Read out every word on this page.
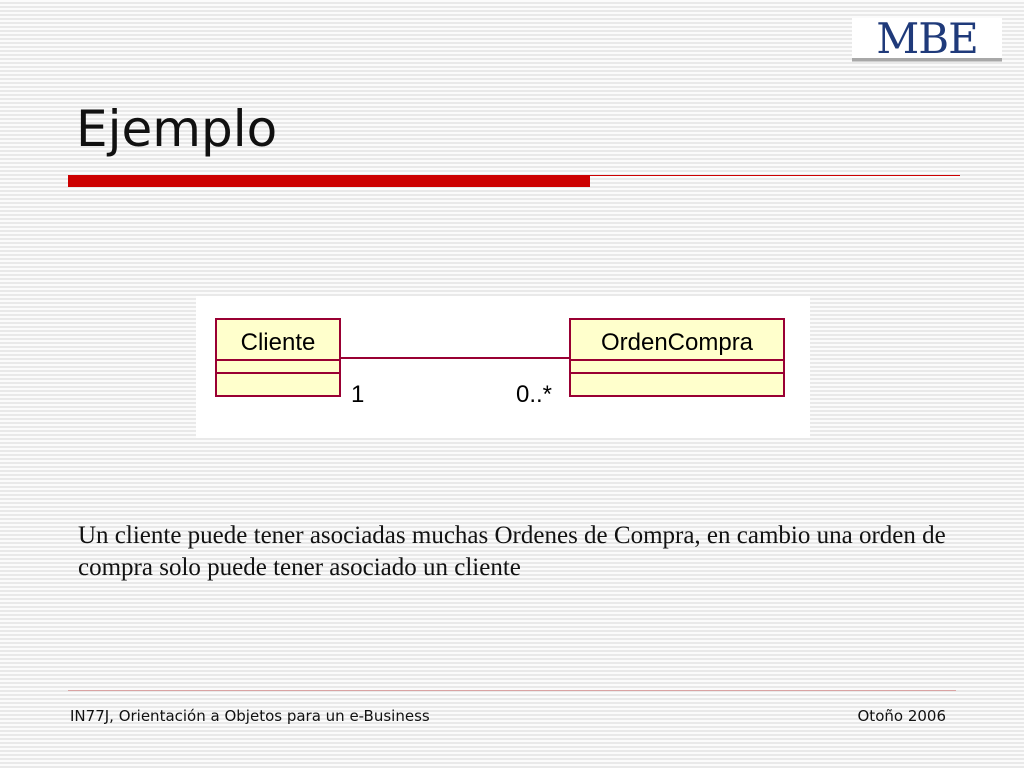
MBE
Ejemplo
Cliente	OrdenCompra
1	0..*
Un cliente puede tener asociadas muchas Ordenes de Compra, en cambio una orden de compra solo puede tener asociado un cliente
IN77J, Orientación a Objetos para un e-Business	Otoño 2006
